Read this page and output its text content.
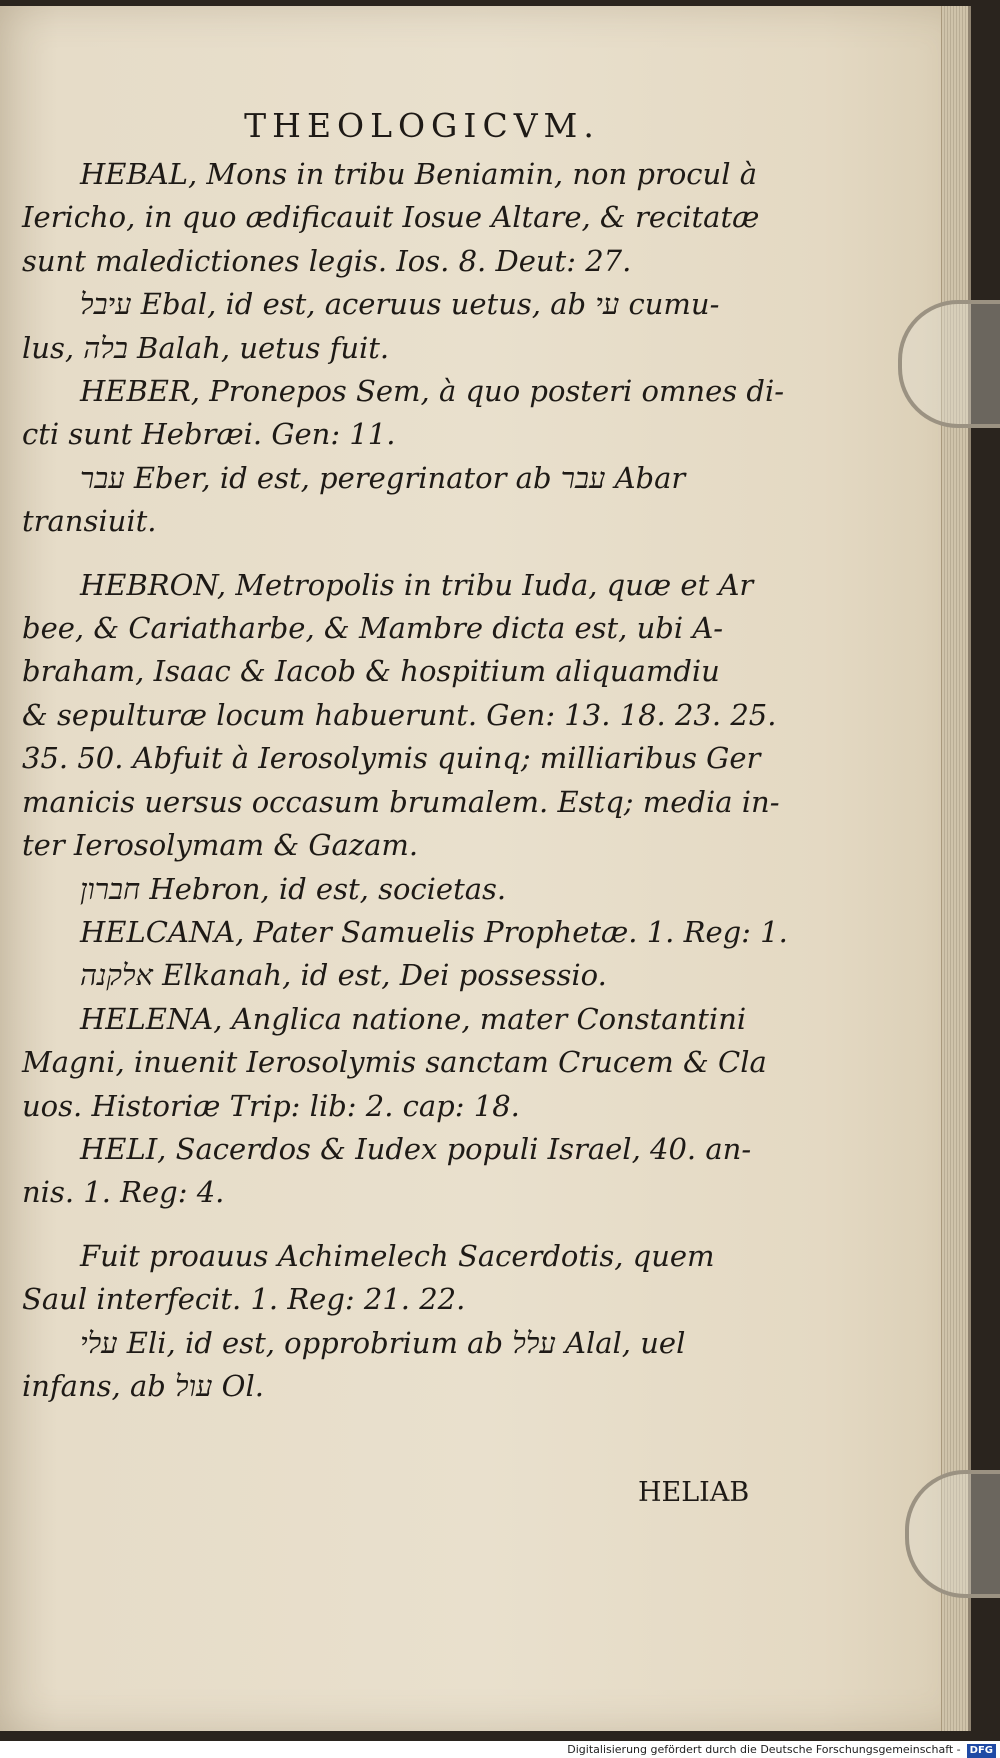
THEOLOGICVM.
HEBAL, Mons in tribu Beniamin, non procul à
Iericho, in quo ædificauit Iosue Altare, & recitatæ
sunt maledictiones legis. Ios. 8. Deut: 27.
עיבל Ebal, id est, aceruus uetus, ab עי cumu-
lus, בלה Balah, uetus fuit.
HEBER, Pronepos Sem, à quo posteri omnes di-
cti sunt Hebræi. Gen: 11.
עבר Eber, id est, peregrinator ab עבר Abar
transiuit.
HEBRON, Metropolis in tribu Iuda, quæ et Ar
bee, & Cariatharbe, & Mambre dicta est, ubi A-
braham, Isaac & Iacob & hospitium aliquamdiu
& sepulturæ locum habuerunt. Gen: 13. 18. 23. 25.
35. 50. Abfuit à Ierosolymis quinq; milliaribus Ger
manicis uersus occasum brumalem. Estq; media in-
ter Ierosolymam & Gazam.
חברון Hebron, id est, societas.
HELCANA, Pater Samuelis Prophetæ. 1. Reg: 1.
אלקנה Elkanah, id est, Dei possessio.
HELENA, Anglica natione, mater Constantini
Magni, inuenit Ierosolymis sanctam Crucem & Cla
uos. Historiæ Trip: lib: 2. cap: 18.
HELI, Sacerdos & Iudex populi Israel, 40. an-
nis. 1. Reg: 4.
Fuit proauus Achimelech Sacerdotis, quem
Saul interfecit. 1. Reg: 21. 22.
עלי Eli, id est, opprobrium ab עלל Alal, uel
infans, ab עול Ol.
HELIAB
Digitalisierung gefördert durch die Deutsche Forschungsgemeinschaft - DFG
